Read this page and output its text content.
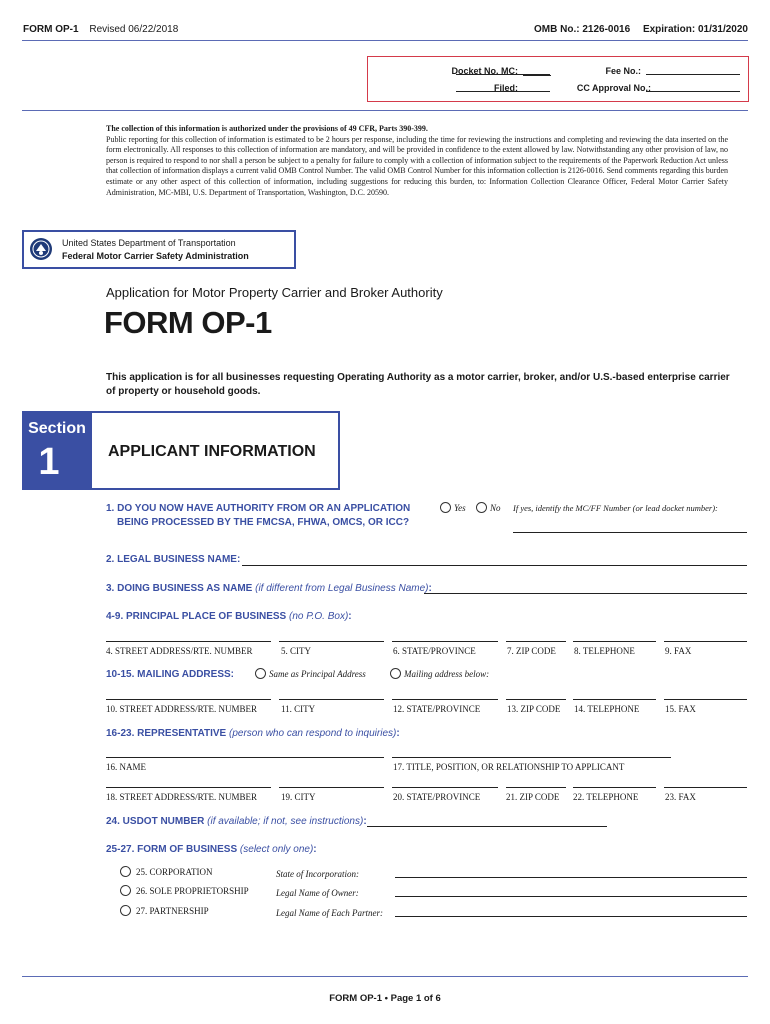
FORM OP-1 Revised 06/22/2018	OMB No.: 2126-0016 Expiration: 01/31/2020
Docket No. MC:
Filed:
Fee No.:
CC Approval No.:
The collection of this information is authorized under the provisions of 49 CFR, Parts 390-399.
Public reporting for this collection of information is estimated to be 2 hours per response, including the time for reviewing the instructions and completing and reviewing the data inserted on the form electronically. All responses to this collection of information are mandatory, and will be provided in confidence to the extent allowed by law. Notwithstanding any other provision of law, no person is required to respond to nor shall a person be subject to a penalty for failure to comply with a collection of information subject to the requirements of the Paperwork Reduction Act unless that collection of information displays a current valid OMB Control Number. The valid OMB Control Number for this information collection is 2126-0016. Send comments regarding this burden estimate or any other aspect of this collection of information, including suggestions for reducing this burden, to: Information Collection Clearance Officer, Federal Motor Carrier Safety Administration, MC-MBI, U.S. Department of Transportation, Washington, D.C. 20590.
United States Department of Transportation
Federal Motor Carrier Safety Administration
Application for Motor Property Carrier and Broker Authority
FORM OP-1
This application is for all businesses requesting Operating Authority as a motor carrier, broker, and/or U.S.-based enterprise carrier of property or household goods.
Section
1	APPLICANT INFORMATION
1. DO YOU NOW HAVE AUTHORITY FROM OR AN APPLICATION
BEING PROCESSED BY THE FMCSA, FHWA, OMCS, OR ICC?
Yes	No If yes, identify the MC/FF Number (or lead docket number):
2. LEGAL BUSINESS NAME:
3. DOING BUSINESS AS NAME (if different from Legal Business Name):
4-9. PRINCIPAL PLACE OF BUSINESS (no P.O. Box):
4. STREET ADDRESS/RTE. NUMBER	5. CITY	6. STATE/PROVINCE	7. ZIP CODE 8. TELEPHONE	9. FAX
10-15. MAILING ADDRESS:	Same as Principal Address	Mailing address below:
10. STREET ADDRESS/RTE. NUMBER	11. CITY	12. STATE/PROVINCE	13. ZIP CODE 14. TELEPHONE	15. FAX
16-23. REPRESENTATIVE (person who can respond to inquiries):
16. NAME	17. TITLE, POSITION, OR RELATIONSHIP TO APPLICANT
18. STREET ADDRESS/RTE. NUMBER	19. CITY	20. STATE/PROVINCE	21. ZIP CODE 22. TELEPHONE	23. FAX
24. USDOT NUMBER (if available; if not, see instructions):
25-27. FORM OF BUSINESS (select only one):
25. CORPORATION
26. SOLE PROPRIETORSHIP
27. PARTNERSHIP
State of Incorporation:
Legal Name of Owner:
Legal Name of Each Partner:
FORM OP-1 • Page 1 of 6
